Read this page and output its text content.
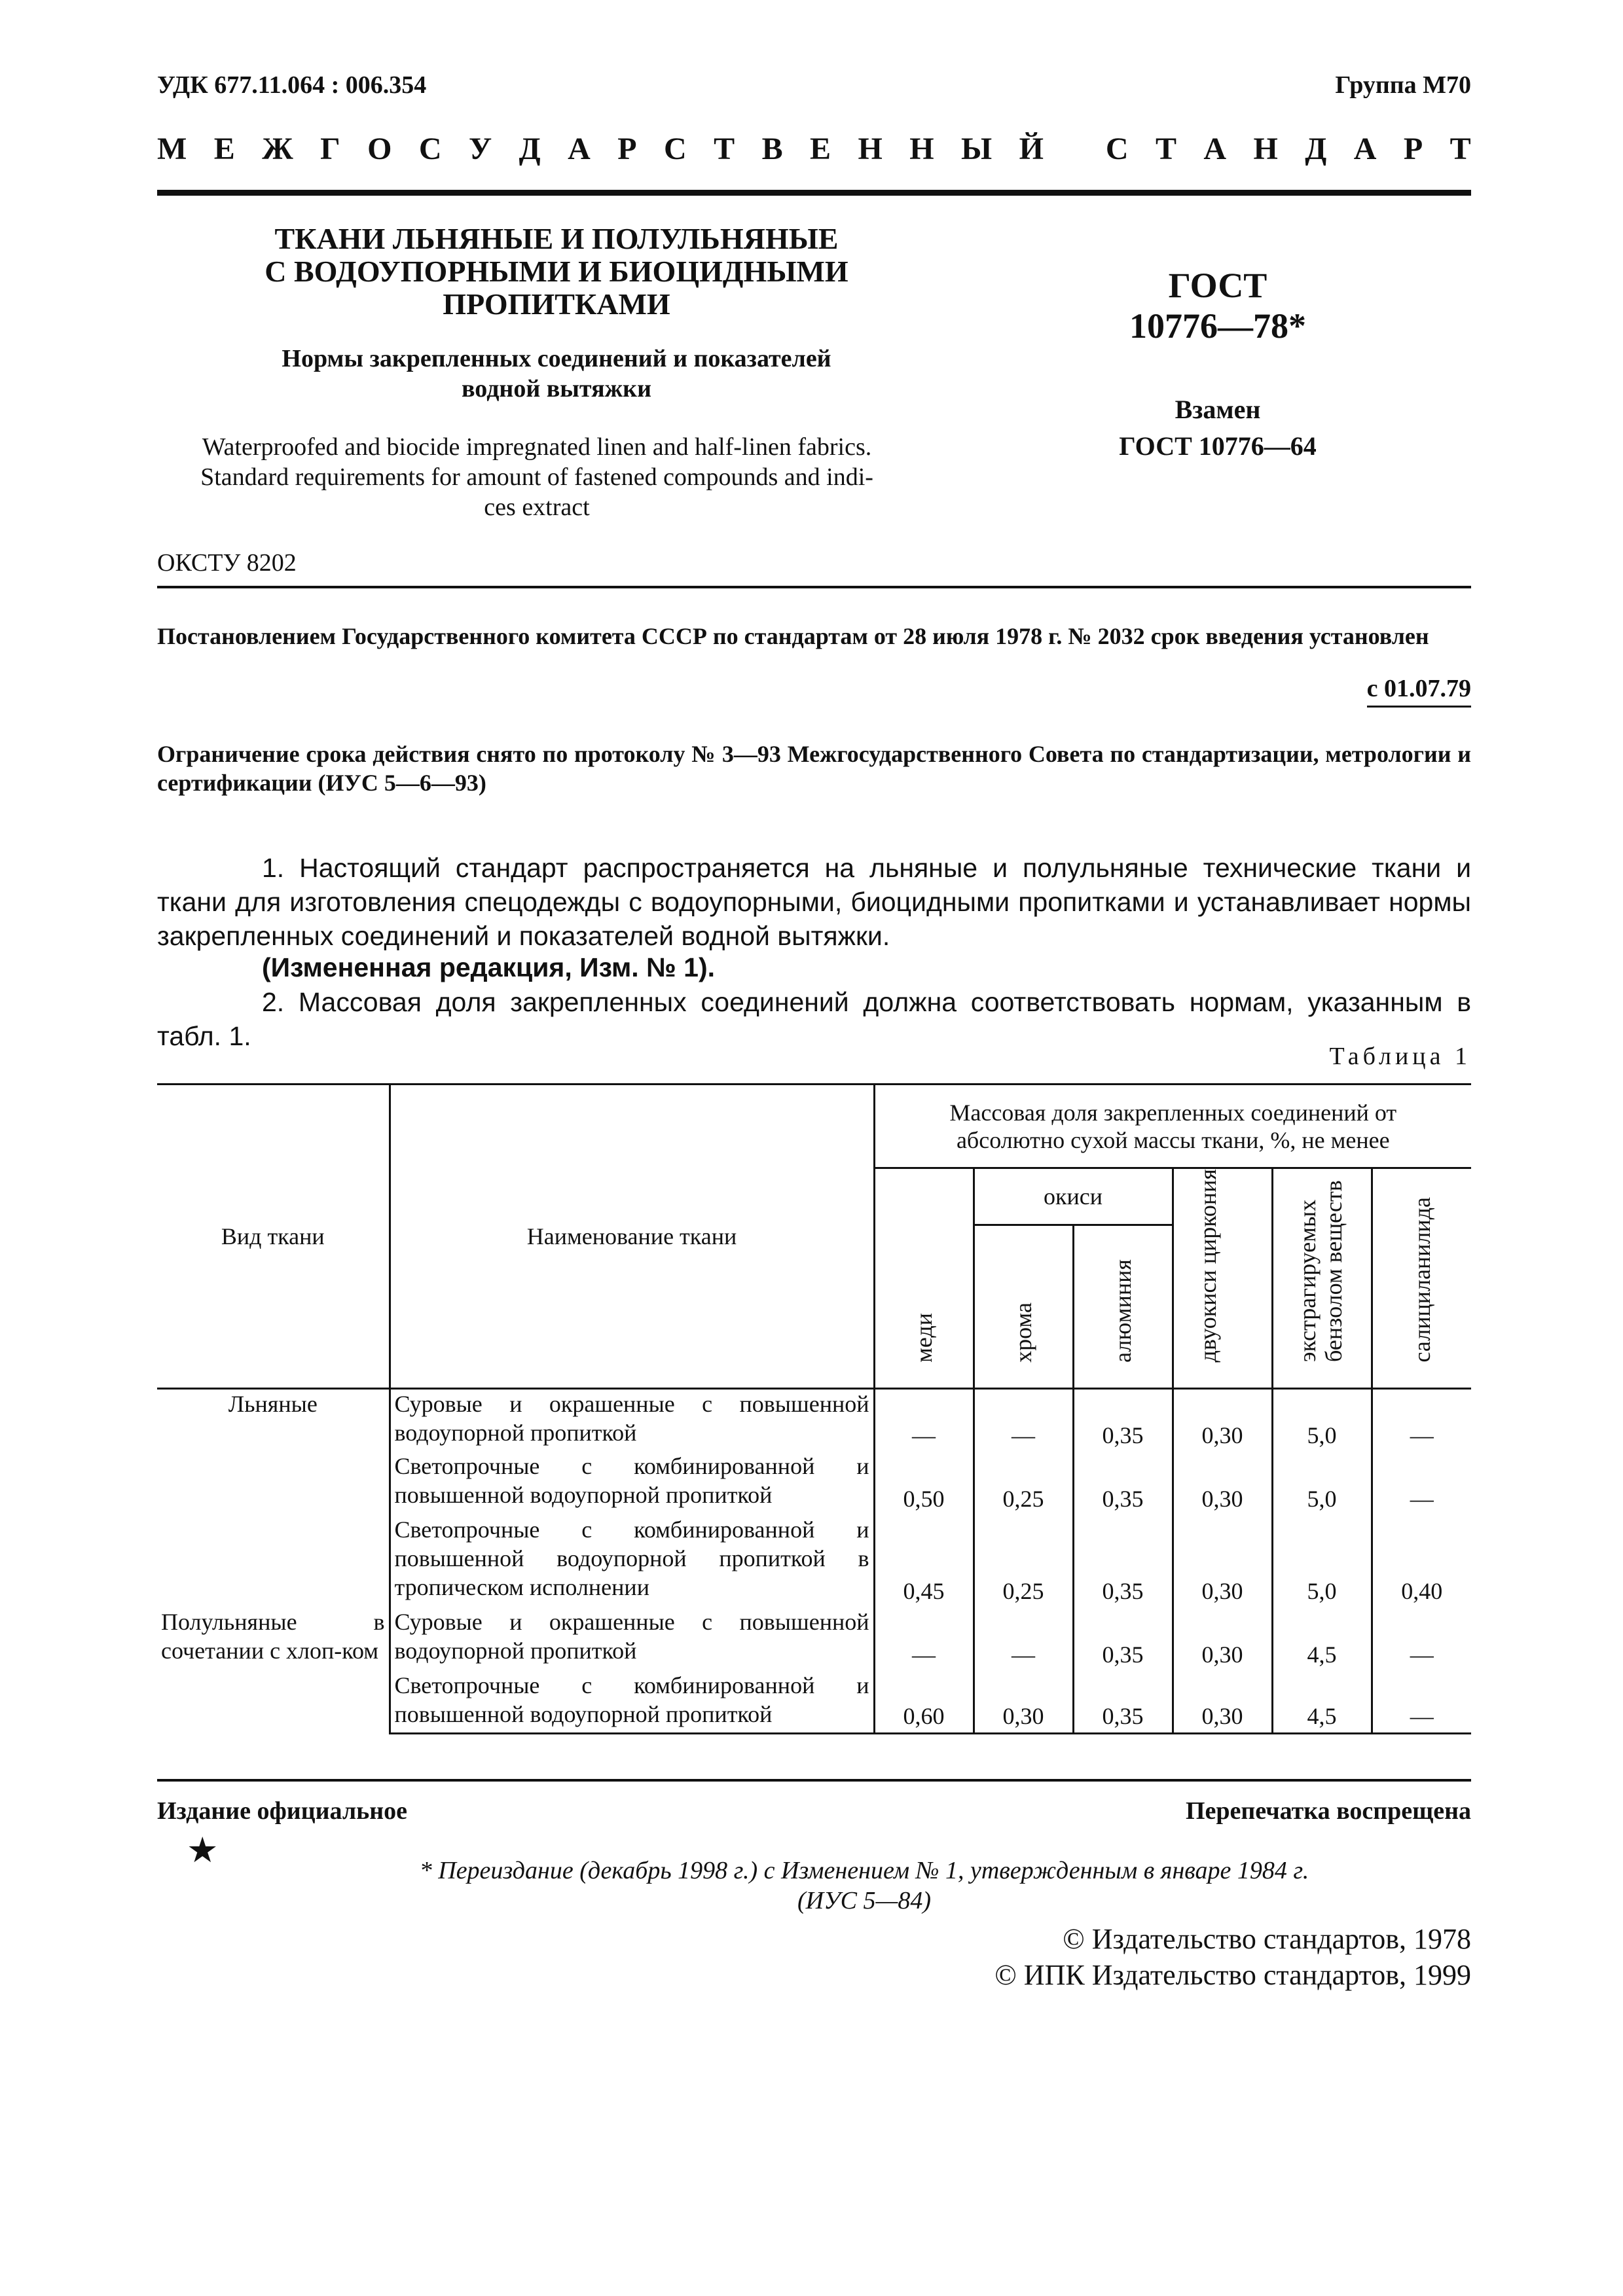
УДК 677.11.064 : 006.354	Группа М70
М Е Ж Г О С У Д А Р С Т В Е Н Н Ы Й
С Т А Н Д А Р Т
ТКАНИ ЛЬНЯНЫЕ И ПОЛУЛЬНЯНЫЕ
С ВОДОУПОРНЫМИ И БИОЦИДНЫМИ
ПРОПИТКАМИ
Нормы закрепленных соединений и показателей
водной вытяжки
Waterproofed and biocide impregnated linen and half-linen fabrics.
Standard requirements for amount of fastened compounds and indi-
ces extract
ГОСТ
10776—78*
Взамен
ГОСТ 10776—64
ОКСТУ 8202
Постановлением Государственного комитета СССР по стандартам от 28 июля 1978 г. № 2032 срок введения установлен
с 01.07.79
Ограничение срока действия снято по протоколу № 3—93 Межгосударственного Совета по стандартизации, метрологии и сертификации (ИУС 5—6—93)
1. Настоящий стандарт распространяется на льняные и полульняные технические ткани и ткани для изготовления спецодежды с водоупорными, биоцидными пропитками и устанавливает нормы закрепленных соединений и показателей водной вытяжки.
(Измененная редакция, Изм. № 1).
2. Массовая доля закрепленных соединений должна соответствовать нормам, указанным в табл. 1.
Таблица 1
Вид ткани	Наименование ткани	Массовая доля закрепленных соединений от абсолютно сухой массы ткани, %, не менее					
		меди	окиси		двуокиси циркония	экстрагируемых бензолом веществ	салициланилида
			хрома	алюминия			
Льняные	Суровые и окрашенные с повышенной водоупорной пропиткой	—	—	0,35	0,30	5,0	—
	Светопрочные с комбинированной и повышенной водоупорной пропиткой	0,50	0,25	0,35	0,30	5,0	—
	Светопрочные с комбинированной и повышенной водоупорной пропиткой в тропическом исполнении	0,45	0,25	0,35	0,30	5,0	0,40
Полульняные в сочетании с хлоп-ком	Суровые и окрашенные с повышенной водоупорной пропиткой	—	—	0,35	0,30	4,5	—
	Светопрочные с комбинированной и повышенной водоупорной пропиткой	0,60	0,30	0,35	0,30	4,5	—
Издание официальное	Перепечатка воспрещена
★
* Переиздание (декабрь 1998 г.) с Изменением № 1, утвержденным в январе 1984 г.
(ИУС 5—84)
© Издательство стандартов, 1978
© ИПК Издательство стандартов, 1999
